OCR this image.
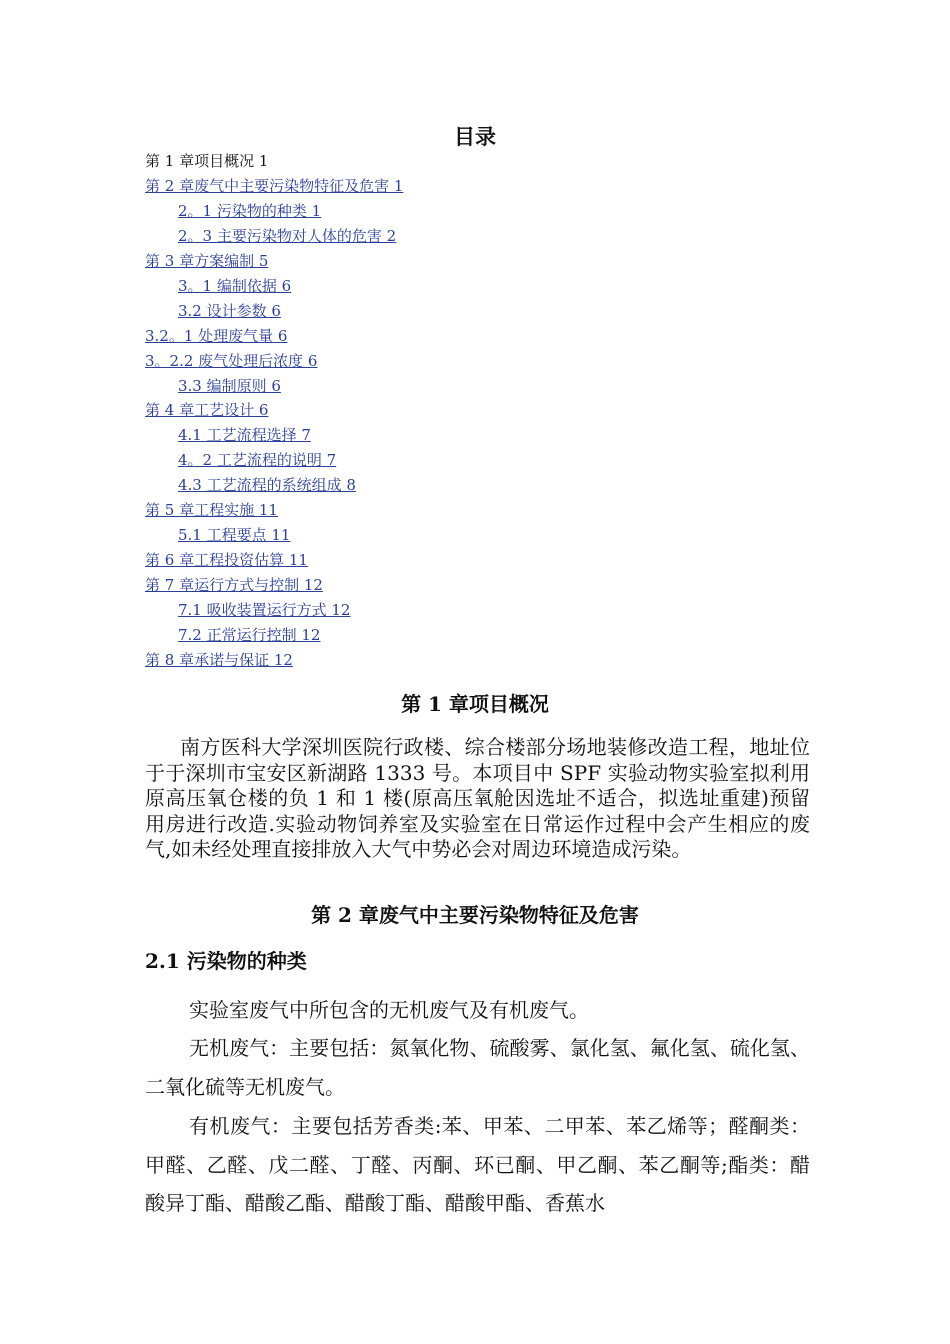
目录
第 1 章项目概况 1
第 2 章废气中主要污染物特征及危害 1
2。1 污染物的种类 1
2。3 主要污染物对人体的危害 2
第 3 章方案编制 5
3。1 编制依据 6
3.2 设计参数 6
3.2。1 处理废气量 6
3。2.2 废气处理后浓度 6
3.3 编制原则 6
第 4 章工艺设计 6
4.1 工艺流程选择 7
4。2 工艺流程的说明 7
4.3 工艺流程的系统组成 8
第 5 章工程实施 11
5.1 工程要点 11
第 6 章工程投资估算 11
第 7 章运行方式与控制 12
7.1 吸收装置运行方式 12
7.2 正常运行控制 12
第 8 章承诺与保证 12
第 1 章项目概况

南方医科大学深圳医院行政楼、综合楼部分场地装修改造工程，地址位于于深圳市宝安区新湖路 1333 号。本项目中 SPF 实验动物实验室拟利用原高压氧仓楼的负 1 和 1 楼(原高压氧舱因选址不适合，拟选址重建)预留用房进行改造.实验动物饲养室及实验室在日常运作过程中会产生相应的废气,如未经处理直接排放入大气中势必会对周边环境造成污染。

第 2 章废气中主要污染物特征及危害
2.1 污染物的种类

实验室废气中所包含的无机废气及有机废气。

无机废气：主要包括：氮氧化物、硫酸雾、氯化氢、氟化氢、硫化氢、二氧化硫等无机废气。

有机废气：主要包括芳香类:苯、甲苯、二甲苯、苯乙烯等；醛酮类：甲醛、乙醛、戊二醛、丁醛、丙酮、环已酮、甲乙酮、苯乙酮等;酯类：醋酸异丁酯、醋酸乙酯、醋酸丁酯、醋酸甲酯、香蕉水
